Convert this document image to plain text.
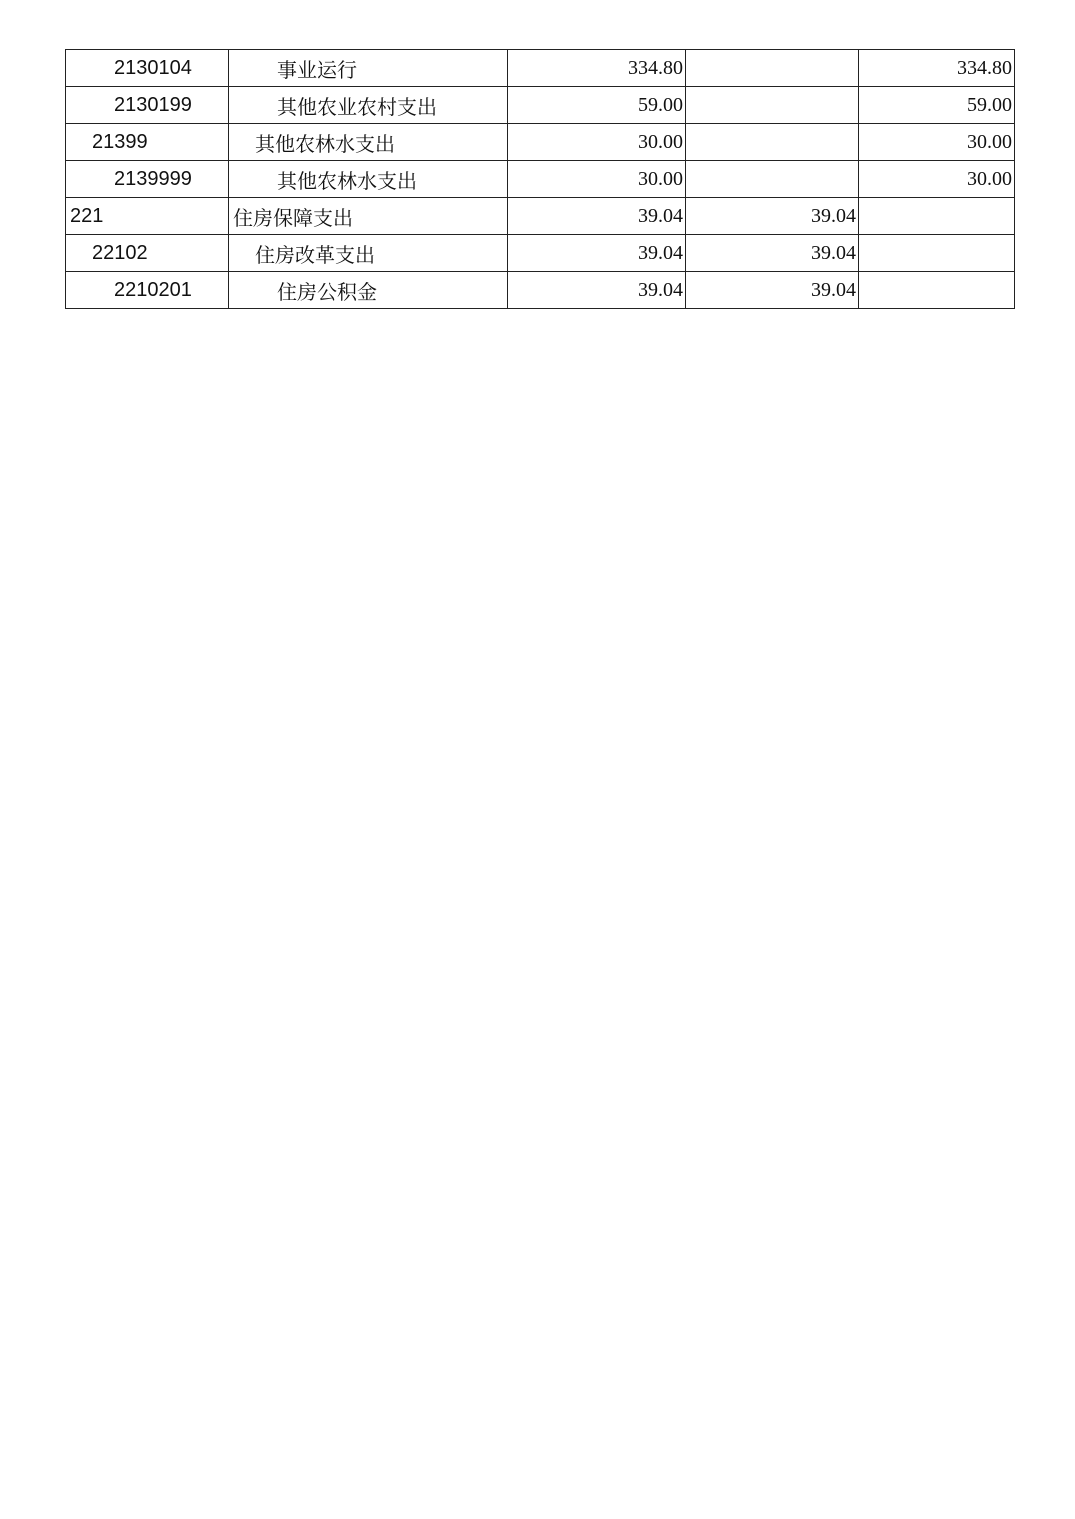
2130104	事业运行	334.80		334.80
2130199	其他农业农村支出	59.00		59.00
21399	其他农林水支出	30.00		30.00
2139999	其他农林水支出	30.00		30.00
221	住房保障支出	39.04	39.04	
22102	住房改革支出	39.04	39.04	
2210201	住房公积金	39.04	39.04	
